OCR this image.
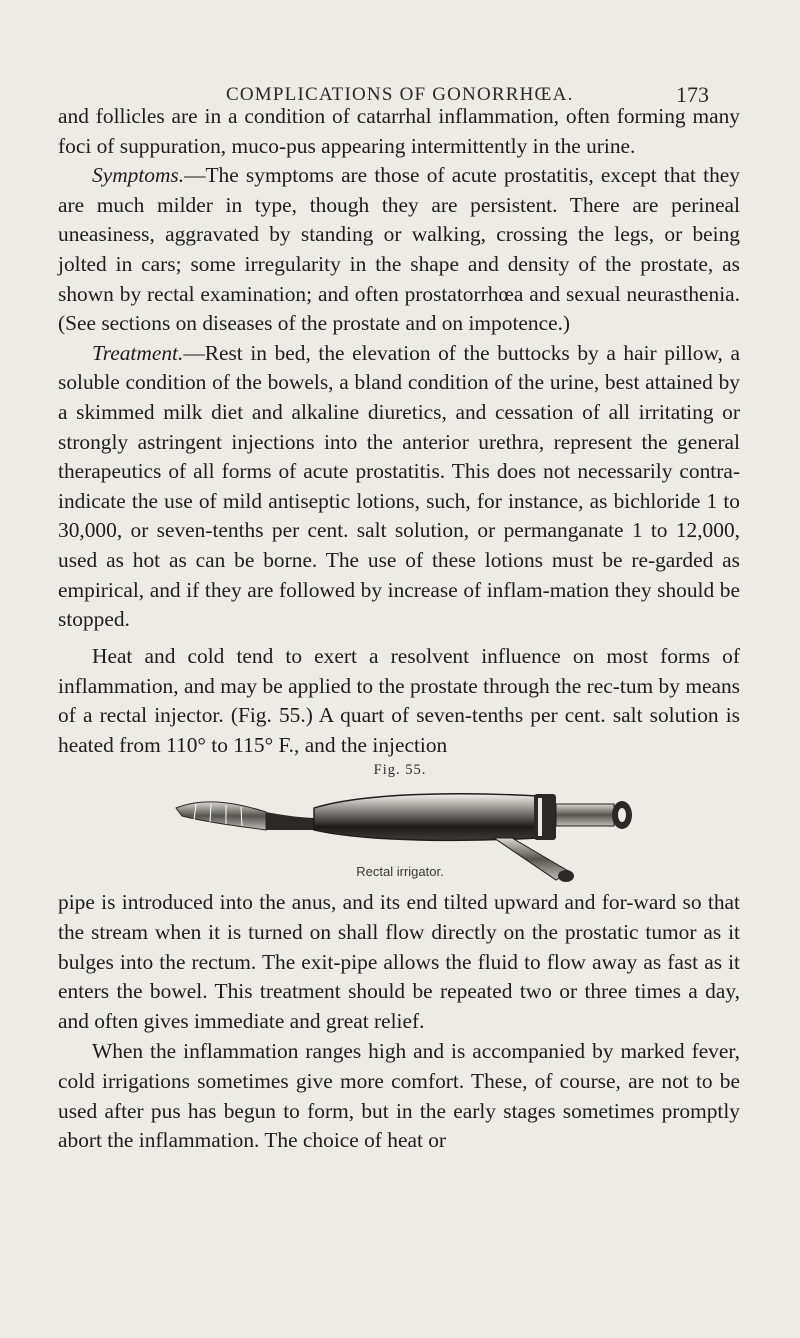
COMPLICATIONS OF GONORRHŒA.	173

and follicles are in a condition of catarrhal inflammation, often forming many foci of suppuration, muco-pus appearing intermittently in the urine.

Symptoms.—The symptoms are those of acute prostatitis, except that they are much milder in type, though they are persistent. There are perineal uneasiness, aggravated by standing or walking, crossing the legs, or being jolted in cars; some irregularity in the shape and density of the prostate, as shown by rectal examination; and often prostatorrhœa and sexual neurasthenia. (See sections on diseases of the prostate and on impotence.)

Treatment.—Rest in bed, the elevation of the buttocks by a hair pillow, a soluble condition of the bowels, a bland condition of the urine, best attained by a skimmed milk diet and alkaline diuretics, and cessation of all irritating or strongly astringent injections into the anterior urethra, represent the general therapeutics of all forms of acute prostatitis. This does not necessarily contra-indicate the use of mild antiseptic lotions, such, for instance, as bichloride 1 to 30,000, or seven-tenths per cent. salt solution, or permanganate 1 to 12,000, used as hot as can be borne. The use of these lotions must be re-garded as empirical, and if they are followed by increase of inflam-mation they should be stopped.

Heat and cold tend to exert a resolvent influence on most forms of inflammation, and may be applied to the prostate through the rec-tum by means of a rectal injector. (Fig. 55.) A quart of seven-tenths per cent. salt solution is heated from 110° to 115° F., and the injection

Fig. 55.
Rectal irrigator.

pipe is introduced into the anus, and its end tilted upward and for-ward so that the stream when it is turned on shall flow directly on the prostatic tumor as it bulges into the rectum. The exit-pipe allows the fluid to flow away as fast as it enters the bowel. This treatment should be repeated two or three times a day, and often gives immediate and great relief.

When the inflammation ranges high and is accompanied by marked fever, cold irrigations sometimes give more comfort. These, of course, are not to be used after pus has begun to form, but in the early stages sometimes promptly abort the inflammation. The choice of heat or
